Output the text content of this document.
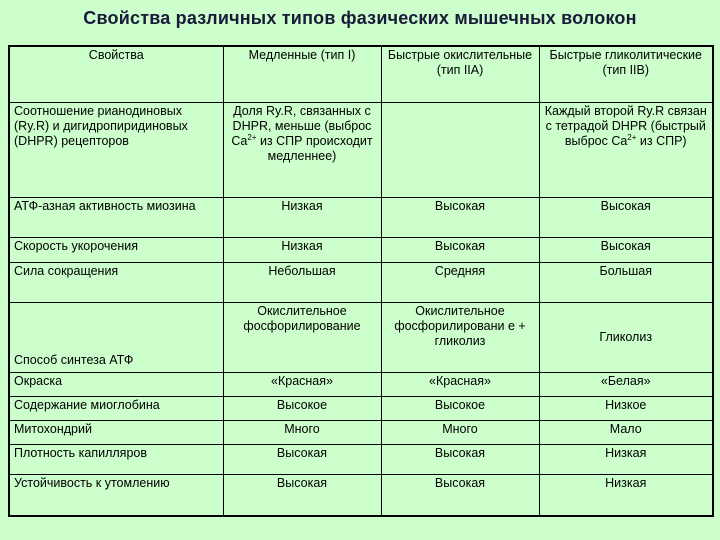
Свойства различных типов фазических мышечных волокон
Свойства	Медленные (тип I)	Быстрые окислительные (тип IIA)	Быстрые гликолитические (тип IIB)
Соотношение рианодиновых (Ry.R) и дигидропиридиновых (DHPR) рецепторов	Доля Ry.R, связанных с DHPR, меньше (выброс $Ca^{2+}$ из СПР происходит медленнее)		Каждый второй Ry.R связан с тетрадой DHPR (быстрый выброс $Ca^{2+}$ из СПР)
АТФ-азная активность миозина	Низкая	Высокая	Высокая
Скорость укорочения	Низкая	Высокая	Высокая
Сила сокращения	Небольшая	Средняя	Большая
Способ синтеза АТФ	Окислительное фосфорилирование	Окислительное фосфорилировани е + гликолиз	Гликолиз
Окраска	«Красная»	«Красная»	«Белая»
Содержание миоглобина	Высокое	Высокое	Низкое
Митохондрий	Много	Много	Мало
Плотность капилляров	Высокая	Высокая	Низкая
Устойчивость к утомлению	Высокая	Высокая	Низкая
